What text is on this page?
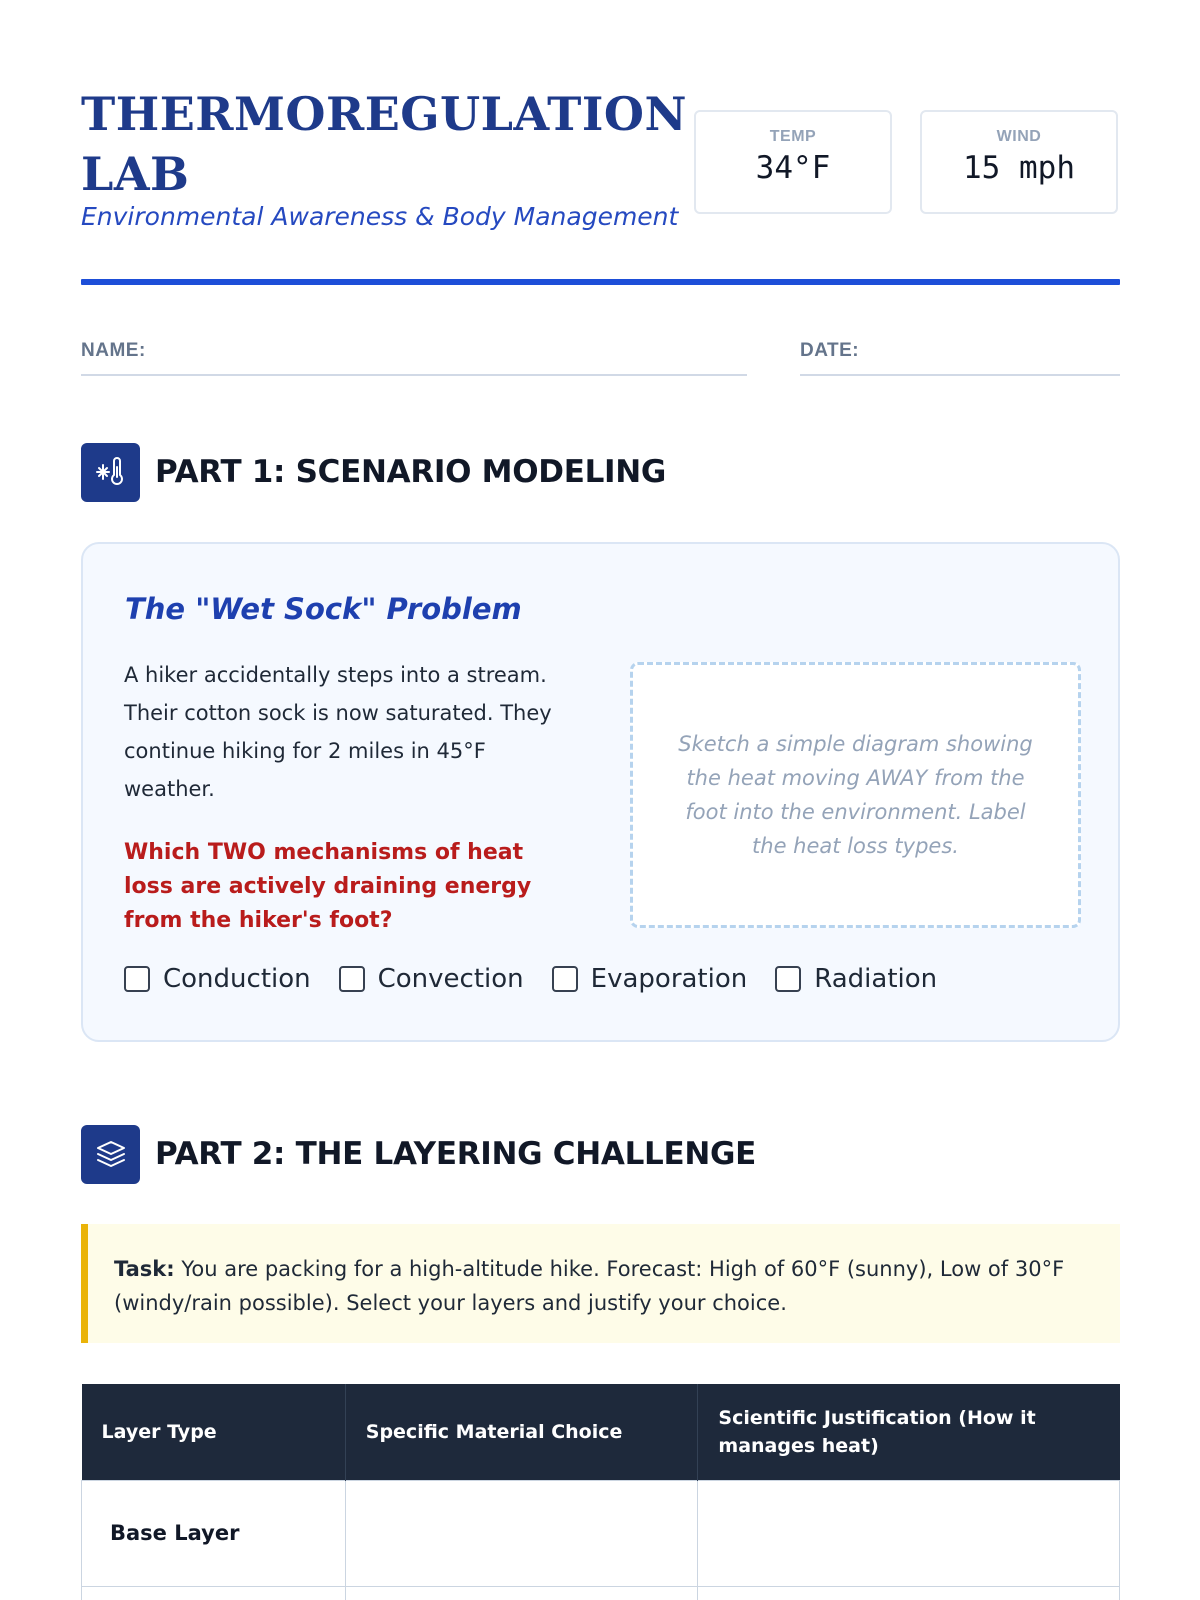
THERMOREGULATION LAB
Environmental Awareness & Body Management
TEMP
34°F
WIND
15 mph
NAME:	DATE:
PART 1: SCENARIO MODELING
The "Wet Sock" Problem
A hiker accidentally steps into a stream. Their cotton sock is now saturated. They continue hiking for 2 miles in 45°F weather.
Which TWO mechanisms of heat loss are actively draining energy from the hiker's foot?
Sketch a simple diagram showing the heat moving AWAY from the foot into the environment. Label the heat loss types.
Conduction	Convection	Evaporation	Radiation
PART 2: THE LAYERING CHALLENGE
Task: You are packing for a high-altitude hike. Forecast: High of 60°F (sunny), Low of 30°F (windy/rain possible). Select your layers and justify your choice.
Layer Type	Specific Material Choice	Scientific Justification (How it manages heat)
Base Layer		
